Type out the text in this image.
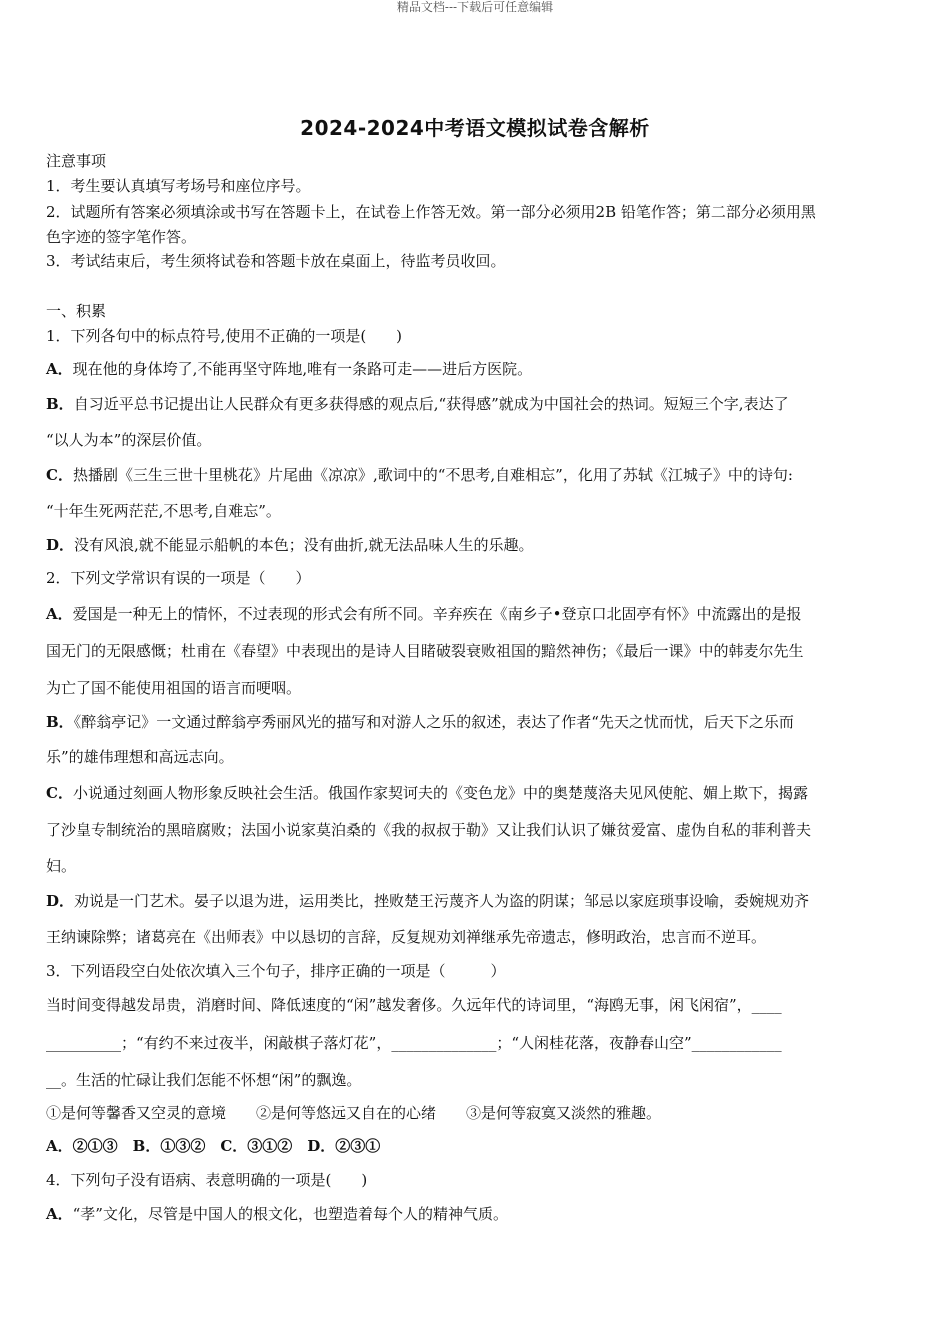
精品文档---下载后可任意编辑
2024-2024中考语文模拟试卷含解析
注意事项
1．考生要认真填写考场号和座位序号。
2．试题所有答案必须填涂或书写在答题卡上，在试卷上作答无效。第一部分必须用2B 铅笔作答；第二部分必须用黑
色字迹的签字笔作答。
3．考试结束后，考生须将试卷和答题卡放在桌面上，待监考员收回。
一、积累
1．下列各句中的标点符号,使用不正确的一项是(　　)
A．现在他的身体垮了,不能再坚守阵地,唯有一条路可走——进后方医院。
B．自习近平总书记提出让人民群众有更多获得感的观点后,“获得感”就成为中国社会的热词。短短三个字,表达了
“以人为本”的深层价值。
C．热播剧《三生三世十里桃花》片尾曲《凉凉》,歌词中的“不思考,自难相忘”，化用了苏轼《江城子》中的诗句:
“十年生死两茫茫,不思考,自难忘”。
D．没有风浪,就不能显示船帆的本色；没有曲折,就无法品味人生的乐趣。
2．下列文学常识有误的一项是（　　）
A．爱国是一种无上的情怀，不过表现的形式会有所不同。辛弃疾在《南乡子•登京口北固亭有怀》中流露出的是报
国无门的无限感慨；杜甫在《春望》中表现出的是诗人目睹破裂衰败祖国的黯然神伤；《最后一课》中的韩麦尔先生
为亡了国不能使用祖国的语言而哽咽。
B．《醉翁亭记》一文通过醉翁亭秀丽风光的描写和对游人之乐的叙述，表达了作者“先天之忧而忧，后天下之乐而
乐”的雄伟理想和高远志向。
C．小说通过刻画人物形象反映社会生活。俄国作家契诃夫的《变色龙》中的奥楚蔑洛夫见风使舵、媚上欺下，揭露
了沙皇专制统治的黑暗腐败；法国小说家莫泊桑的《我的叔叔于勒》又让我们认识了嫌贫爱富、虚伪自私的菲利普夫
妇。
D．劝说是一门艺术。晏子以退为进，运用类比，挫败楚王污蔑齐人为盗的阴谋；邹忌以家庭琐事设喻，委婉规劝齐
王纳谏除弊；诸葛亮在《出师表》中以恳切的言辞，反复规劝刘禅继承先帝遗志，修明政治，忠言而不逆耳。
3．下列语段空白处依次填入三个句子，排序正确的一项是（　　　）
当时间变得越发昂贵，消磨时间、降低速度的“闲”越发奢侈。久远年代的诗词里，“海鸥无事，闲飞闲宿”，____
__________；“有约不来过夜半，闲敲棋子落灯花”，______________；“人闲桂花落，夜静春山空”____________
__。生活的忙碌让我们怎能不怀想“闲”的飘逸。
①是何等馨香又空灵的意境　　②是何等悠远又自在的心绪　　③是何等寂寞又淡然的雅趣。
A．②①③　B．①③②　C．③①②　D．②③①
4．下列句子没有语病、表意明确的一项是(　　)
A．“孝”文化，尽管是中国人的根文化，也塑造着每个人的精神气质。
